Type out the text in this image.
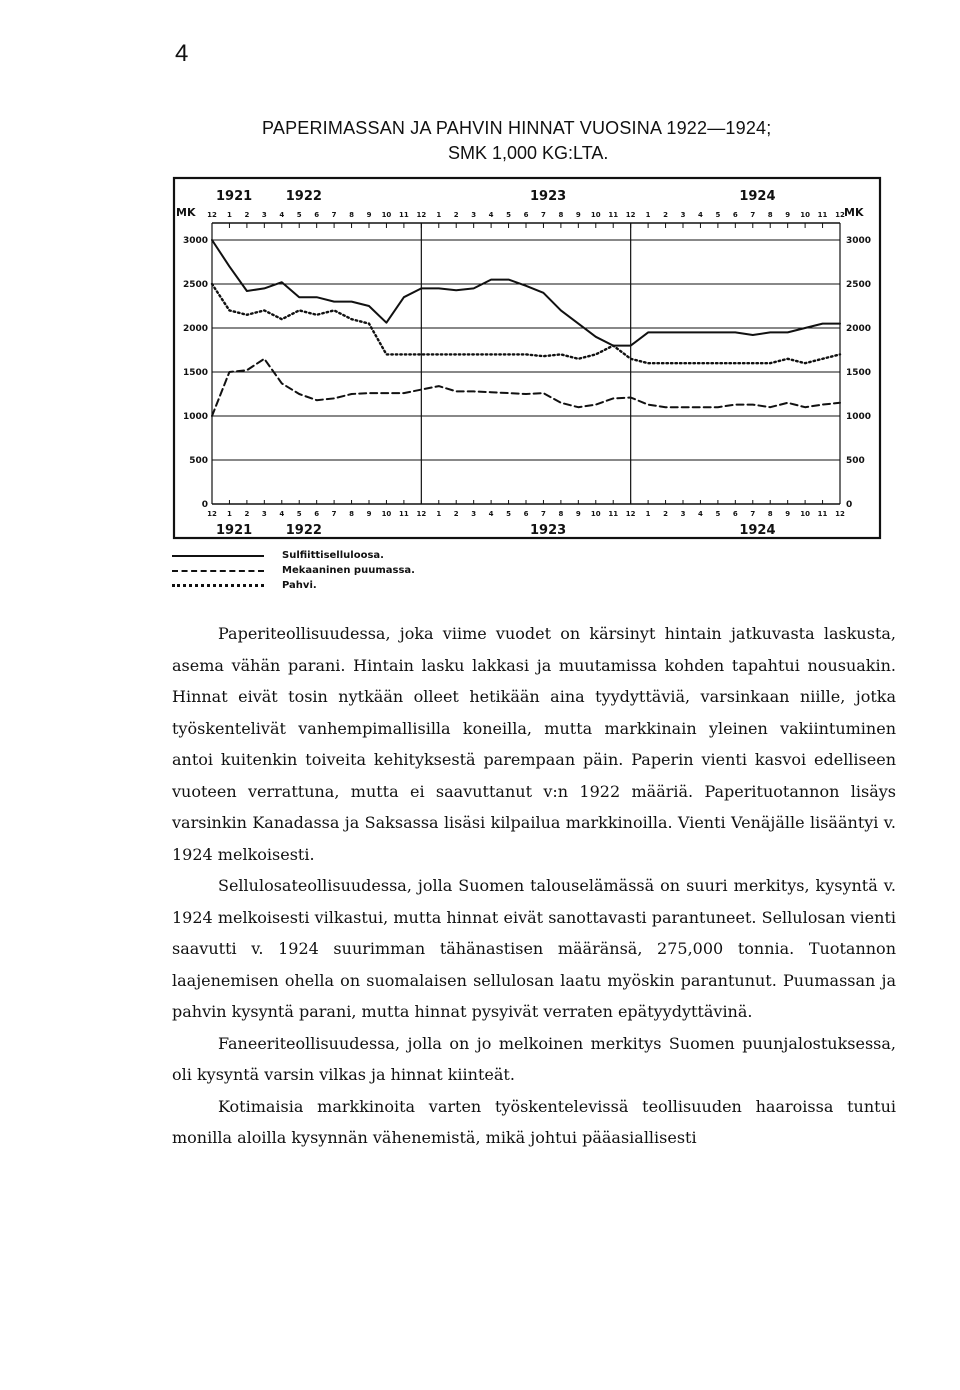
4
PAPERIMASSAN JA PAHVIN HINNAT VUOSINA 1922—1924;
SMK 1,000 KG:LTA.
0	0
500	500
1000	1000
1500	1500
2000	2000
2500	2500
3000	3000
12
12
1
1
2
2
3
3
4
4
5
5
6
6
7
7
8
8
9
9
10
10
11
11
12
12
1
1
2
2
3
3
4
4
5
5
6
6
7
7
8
8
9
9
10
10
11
11
12
12
1
1
2
2
3
3
4
4
5
5
6
6
7
7
8
8
9
9
10
10
11
11
12
12
MK	MK
1921
1921
1922
1922
1923
1923
1924
1924
Sulfiittiselluloosa.
Mekaaninen puumassa.
Pahvi.

Paperiteollisuudessa, joka viime vuodet on kärsinyt hintain jatkuvasta laskusta, asema vähän parani. Hintain lasku lakkasi ja muutamissa kohden tapahtui nousuakin. Hinnat eivät tosin nytkään olleet hetikään aina tyydyttäviä, varsinkaan niille, jotka työskentelivät vanhempimallisilla koneilla, mutta markkinain yleinen vakiintuminen antoi kuitenkin toiveita kehityksestä parempaan päin. Paperin vienti kasvoi edelliseen vuoteen verrattuna, mutta ei saavuttanut v:n 1922 määriä. Paperituotannon lisäys varsinkin Kanadassa ja Saksassa lisäsi kilpailua markkinoilla. Vienti Venäjälle lisääntyi v. 1924 melkoisesti.

Sellulosateollisuudessa, jolla Suomen talouselämässä on suuri merkitys, kysyntä v. 1924 melkoisesti vilkastui, mutta hinnat eivät sanottavasti parantuneet. Sellulosan vienti saavutti v. 1924 suurimman tähänastisen määränsä, 275,000 tonnia. Tuotannon laajenemisen ohella on suomalaisen sellulosan laatu myöskin parantunut. Puumassan ja pahvin kysyntä parani, mutta hinnat pysyivät verraten epätyydyttävinä.

Faneeriteollisuudessa, jolla on jo melkoinen merkitys Suomen puunjalostuksessa, oli kysyntä varsin vilkas ja hinnat kiinteät.

Kotimaisia markkinoita varten työskentelevissä teollisuuden haaroissa tuntui monilla aloilla kysynnän vähenemistä, mikä johtui pääasiallisesti
